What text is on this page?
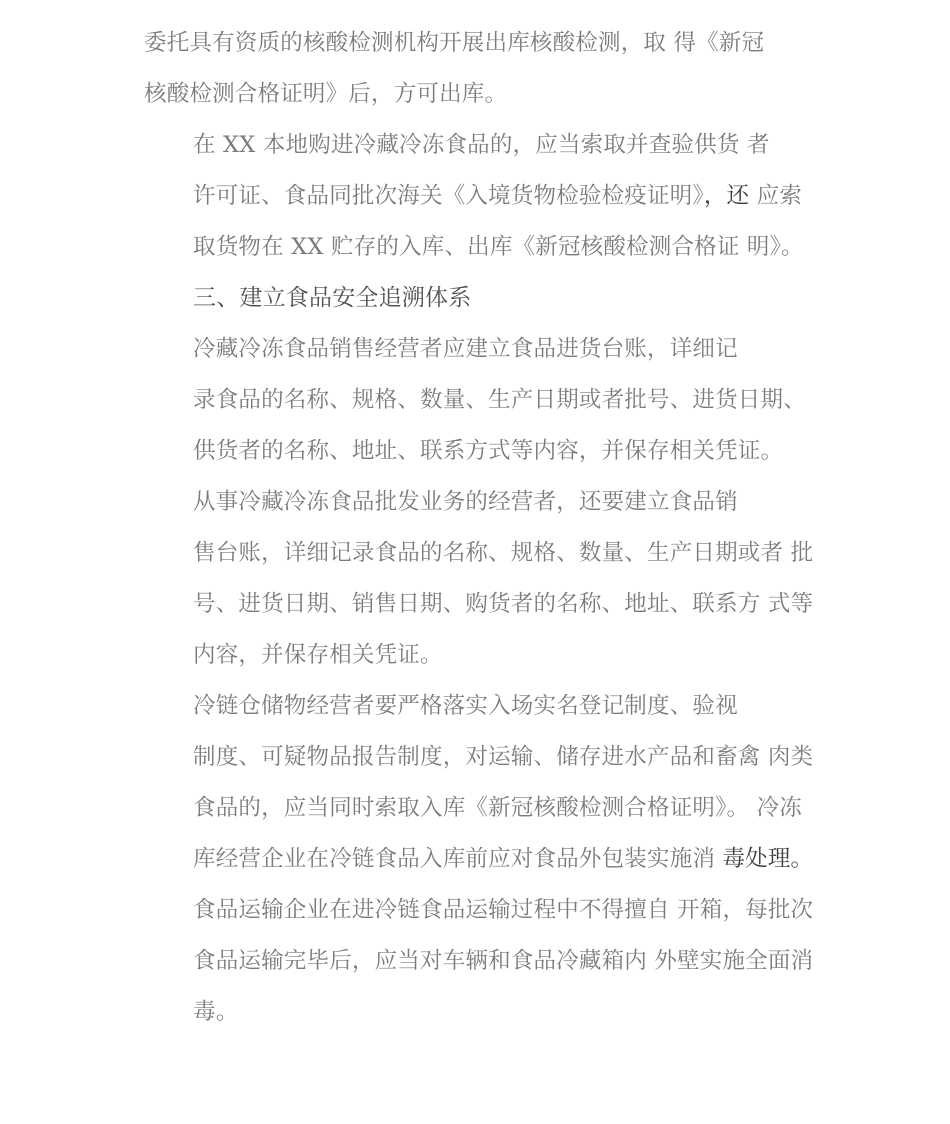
委托具有资质的核酸检测机构开展出库核酸检测，取 得《新冠
核酸检测合格证明》后，方可出库。

在 XX 本地购进冷藏冷冻食品的，应当索取并查验供货 者
许可证、食品同批次海关《入境货物检验检疫证明》，还 应索
取货物在 XX 贮存的入库、出库《新冠核酸检测合格证 明》。

三、建立食品安全追溯体系

冷藏冷冻食品销售经营者应建立食品进货台账，详细记
录食品的名称、规格、数量、生产日期或者批号、进货日期、
供货者的名称、地址、联系方式等内容，并保存相关凭证。

从事冷藏冷冻食品批发业务的经营者，还要建立食品销
售台账，详细记录食品的名称、规格、数量、生产日期或者 批
号、进货日期、销售日期、购货者的名称、地址、联系方 式等
内容，并保存相关凭证。

冷链仓储物经营者要严格落实入场实名登记制度、验视
制度、可疑物品报告制度，对运输、储存进水产品和畜禽 肉类
食品的，应当同时索取入库《新冠核酸检测合格证明》。 冷冻
库经营企业在冷链食品入库前应对食品外包装实施消 毒处理。
食品运输企业在进冷链食品运输过程中不得擅自 开箱，每批次
食品运输完毕后，应当对车辆和食品冷藏箱内 外壁实施全面消
毒。
